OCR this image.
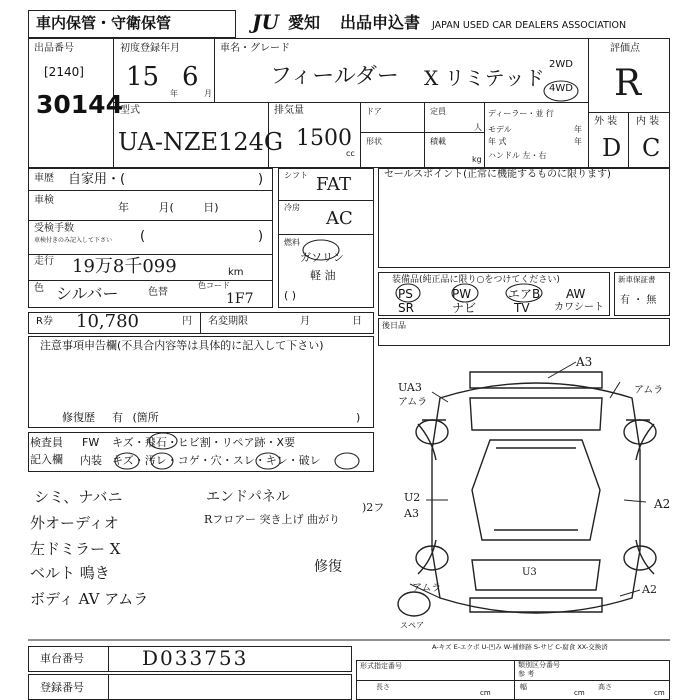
車内保管・守衛保管	JU 愛知 出品申込書 JAPAN USED CAR DEALERS ASSOCIATION
出品番号
[2140]
30144
初度登録年月
15
年
6
月
車名・グレード
フィールダー X リミテッド
2WD
4WD
評価点
R
外 装 内 装
D C
型式
UA-NZE124G
排気量
1500
cc
ドア	定員
人
形状	積載
kg
ディーラー・並 行
モデル
年 式
年
年
ハンドル 左・右
車歴 自家用・(	)
車検
年 月( 日)
受検手数
車検付きのみ記入して下さい (	)
走行 19万8千099	km
色 シルバー	色替
色コード
1F7
シフト FAT
冷房
AC
燃料
ガソリン
軽 油
( )
セールスポイント(正常に機能するものに限ります)
装備品(純正品に限り○をつけてください)
PS	PW	エアB AW
SR	ナビ	TV カワシート
新車保証書
有 ・ 無
R券 10,780	円 名変期限	月	日	後日品
注意事項申告欄(不具合内容等は具体的に記入して下さい)
修復歴 有 (箇所	)
検査員
記入欄
FW キズ・飛石・ヒビ割・リペア跡・X要
内装 キズ・汚レ・コゲ・穴・スレ・キレ・破レ
シミ、ナバニ
外オーディオ
左ドミラー X
ベルト 鳴き
ボディ AV アムラ
エンドパネル
Rフロアー 突き上げ 曲がり
)2フ
修復
A3
UA3
アムラ
アムラ
A2
U2
A3
U3
アムラ	A2
スペア
A-キズ E-エクボ U-凹み W-補修跡 S-サビ C-腐食 XX-交換済
車台番号	D033753
登録番号
形式指定番号	類別区分番号
参 考
長さ
cm
幅
cm
高さ
cm
